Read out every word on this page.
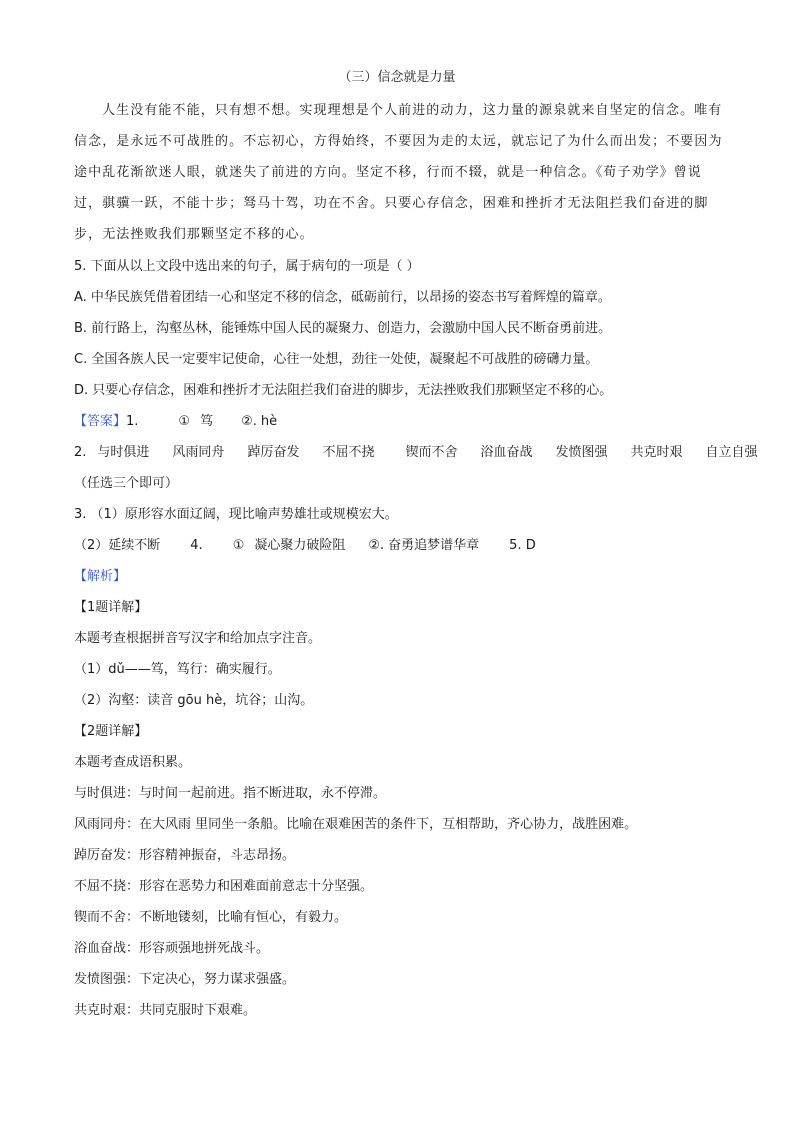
（三）信念就是力量
人生没有能不能，只有想不想。实现理想是个人前进的动力，这力量的源泉就来自坚定的信念。唯有
信念，是永远不可战胜的。不忘初心，方得始终，不要因为走的太远，就忘记了为什么而出发；不要因为
途中乱花渐欲迷人眼，就迷失了前进的方向。坚定不移，行而不辍，就是一种信念。《荀子劝学》曾说
过，骐骥一跃，不能十步；驽马十驾，功在不舍。只要心存信念，困难和挫折才无法阻拦我们奋进的脚
步，无法挫败我们那颗坚定不移的心。
5. 下面从以上文段中选出来的句子，属于病句的一项是（ ）
A. 中华民族凭借着团结一心和坚定不移的信念，砥砺前行，以昂扬的姿态书写着辉煌的篇章。
B. 前行路上，沟壑丛林，能锤炼中国人民的凝聚力、创造力，会激励中国人民不断奋勇前进。
C. 全国各族人民一定要牢记使命，心往一处想，劲往一处使，凝聚起不可战胜的磅礴力量。
D. 只要心存信念，困难和挫折才无法阻拦我们奋进的脚步，无法挫败我们那颗坚定不移的心。
【答案】1.	① 笃 ②. hè
2. 与时俱进 风雨同舟 踔厉奋发 不屈不挠 锲而不舍 浴血奋战 发愤图强 共克时艰 自立自强
（任选三个即可）
3. （1）原形容水面辽阔，现比喻声势雄壮或规模宏大。
（2）延续不断 4. ① 凝心聚力破险阻 ②. 奋勇追梦谱华章 5. D
【解析】
【1题详解】
本题考查根据拼音写汉字和给加点字注音。
（1）dǔ——笃，笃行：确实履行。
（2）沟壑：读音 gōu hè，坑谷；山沟。
【2题详解】
本题考查成语积累。
与时俱进：与时间一起前进。指不断进取，永不停滞。
风雨同舟：在大风雨 里同坐一条船。比喻在艰难困苦的条件下，互相帮助，齐心协力，战胜困难。
踔厉奋发：形容精神振奋，斗志昂扬。
不屈不挠：形容在恶势力和困难面前意志十分坚强。
锲而不舍：不断地镂刻，比喻有恒心，有毅力。
浴血奋战：形容顽强地拼死战斗。
发愤图强：下定决心，努力谋求强盛。
共克时艰：共同克服时下艰难。
